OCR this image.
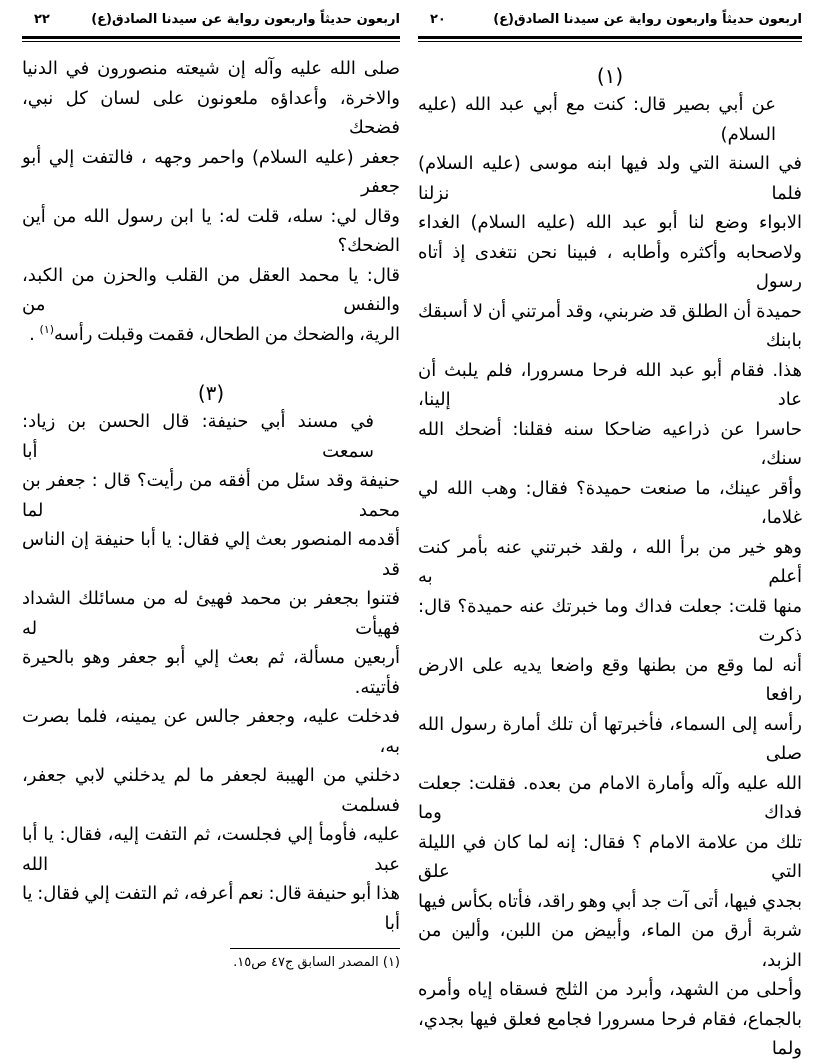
اربعون حديثاً واربعون رواية عن سيدنا الصادق(ع)
٢٢
صلى الله عليه وآله إن شيعته منصورون في الدنيا
والاخرة، وأعداؤه ملعونون على لسان كل نبي، فضحك
جعفر (عليه السلام) واحمر وجهه ، فالتفت إلي أبو جعفر
وقال لي: سله، قلت له: يا ابن رسول الله من أين الضحك؟
قال: يا محمد العقل من القلب والحزن من الكبد، والنفس من
الرية، والضحك من الطحال، فقمت وقبلت رأسه$^{(١)}$ .
(٣)
في مسند أبي حنيفة: قال الحسن بن زياد: سمعت أبا
حنيفة وقد سئل من أفقه من رأيت؟ قال : جعفر بن محمد لما
أقدمه المنصور بعث إلي فقال: يا أبا حنيفة إن الناس قد
فتنوا بجعفر بن محمد فهيئ له من مسائلك الشداد فهيأت له
أربعين مسألة، ثم بعث إلي أبو جعفر وهو بالحيرة فأتيته.
فدخلت عليه، وجعفر جالس عن يمينه، فلما بصرت به،
دخلني من الهيبة لجعفر ما لم يدخلني لابي جعفر، فسلمت
عليه، فأومأ إلي فجلست، ثم التفت إليه، فقال: يا أبا عبد الله
هذا أبو حنيفة قال: نعم أعرفه، ثم التفت إلي فقال: يا أبا
(١) المصدر السابق ج٤٧ ص١٥.
اربعون حديثاً واربعون رواية عن سيدنا الصادق(ع)
٢٠
(١)
عن أبي بصير قال: كنت مع أبي عبد الله (عليه السلام)
في السنة التي ولد فيها ابنه موسى (عليه السلام) فلما نزلنا
الابواء وضع لنا أبو عبد الله (عليه السلام) الغداء
ولاصحابه وأكثره وأطابه ، فبينا نحن نتغدى إذ أتاه رسول
حميدة أن الطلق قد ضربني، وقد أمرتني أن لا أسبقك بابنك
هذا. فقام أبو عبد الله فرحا مسرورا، فلم يلبث أن عاد إلينا،
حاسرا عن ذراعيه ضاحكا سنه فقلنا: أضحك الله سنك،
وأقر عينك، ما صنعت حميدة؟ فقال: وهب الله لي غلاما،
وهو خير من برأ الله ، ولقد خبرتني عنه بأمر كنت أعلم به
منها قلت: جعلت فداك وما خبرتك عنه حميدة؟ قال: ذكرت
أنه لما وقع من بطنها وقع واضعا يديه على الارض رافعا
رأسه إلى السماء، فأخبرتها أن تلك أمارة رسول الله صلى
الله عليه وآله وأمارة الامام من بعده. فقلت: جعلت فداك وما
تلك من علامة الامام ؟ فقال: إنه لما كان في الليلة التي علق
بجدي فيها، أتى آت جد أبي وهو راقد، فأتاه بكأس فيها
شربة أرق من الماء، وأبيض من اللبن، وألين من الزبد،
وأحلى من الشهد، وأبرد من الثلج فسقاه إياه وأمره
بالجماع، فقام فرحا مسرورا فجامع فعلق فيها بجدي، ولما
